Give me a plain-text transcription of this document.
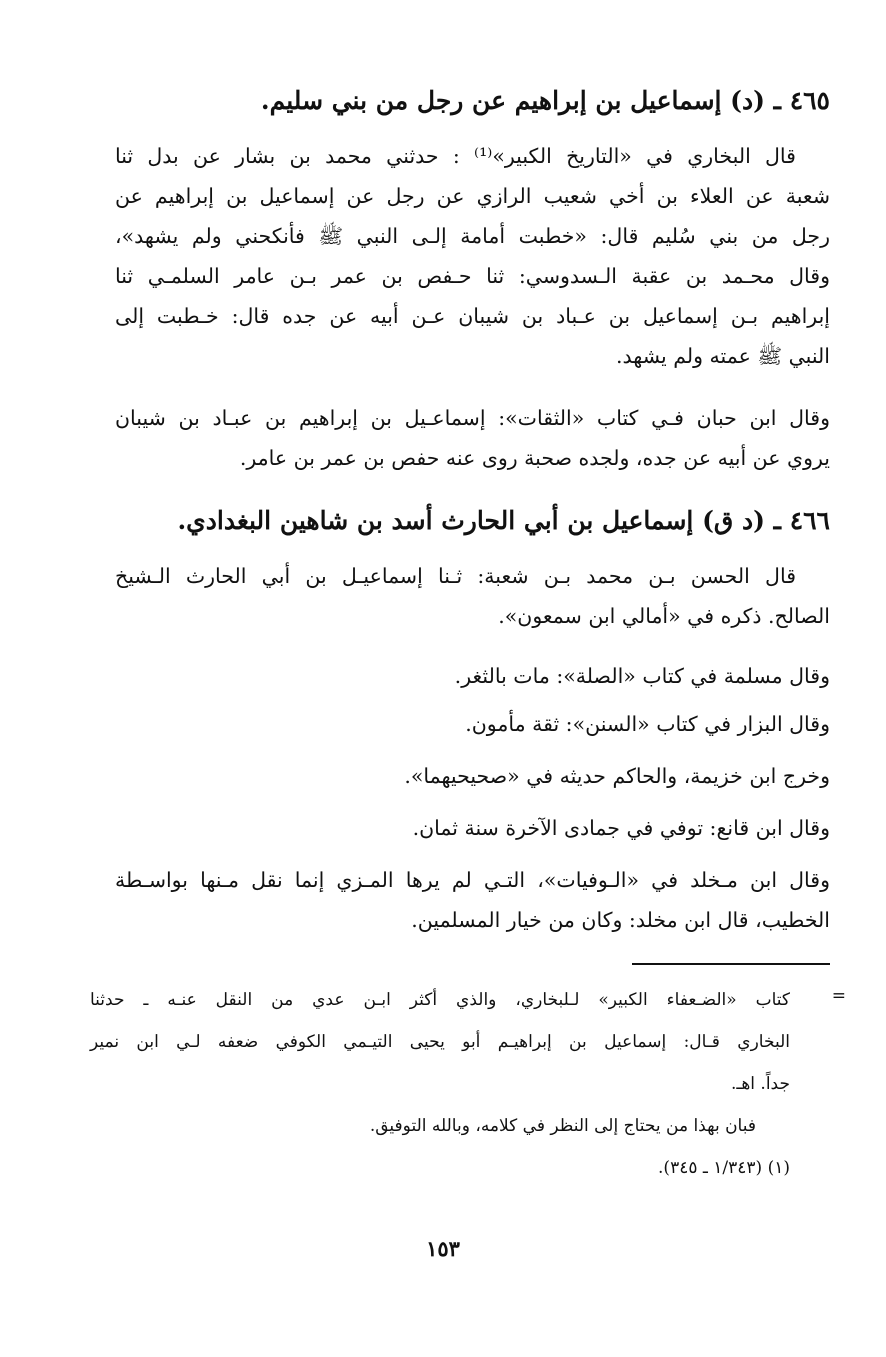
٤٦٥ ـ (د) إسماعيل بن إبراهيم عن رجل من بني سليم.
قال البخاري في «التاريخ الكبير»⁽¹⁾ : حدثني محمد بن بشار عن بدل ثنا
شعبة عن العلاء بن أخي شعيب الرازي عن رجل عن إسماعيل بن إبراهيم عن
رجل من بني سُليم قال: «خطبت أمامة إلـى النبي ﷺ فأنكحني ولم يشهد»،
وقال محـمد بن عقبة الـسدوسي: ثنا حـفص بن عمر بـن عامر السلمـي ثنا
إبراهيم بـن إسماعيل بن عـباد بن شيبان عـن أبيه عن جده قال: خـطبت إلى
النبي ﷺ عمته ولم يشهد.
وقال ابن حبان فـي كتاب «الثقات»: إسماعـيل بن إبراهيم بن عبـاد بن شيبان
يروي عن أبيه عن جده، ولجده صحبة روى عنه حفص بن عمر بن عامر.
٤٦٦ ـ (د ق) إسماعيل بن أبي الحارث أسد بن شاهين البغدادي.
قال الحسن بـن محمد بـن شعبة: ثـنا إسماعيـل بن أبي الحارث الـشيخ
الصالح. ذكره في «أمالي ابن سمعون».
وقال مسلمة في كتاب «الصلة»: مات بالثغر.
وقال البزار في كتاب «السنن»: ثقة مأمون.
وخرج ابن خزيمة، والحاكم حديثه في «صحيحيهما».
وقال ابن قانع: توفي في جمادى الآخرة سنة ثمان.
وقال ابن مـخلد في «الـوفيات»، التـي لم يرها المـزي إنما نقل مـنها بواسـطة
الخطيب، قال ابن مخلد: وكان من خيار المسلمين.
=
كتاب «الضـعفاء الكبير» لـلبخاري، والذي أكثر ابـن عدي من النقل عنـه ـ حدثنا
البخاري قـال: إسماعيل بن إبراهيـم أبو يحيى التيـمي الكوفي ضعفه لـي ابن نمير
جداً. اهـ.
فبان بهذا من يحتاج إلى النظر في كلامه، وبالله التوفيق.
(١) (١/٣٤٣ ـ ٣٤٥).
١٥٣
